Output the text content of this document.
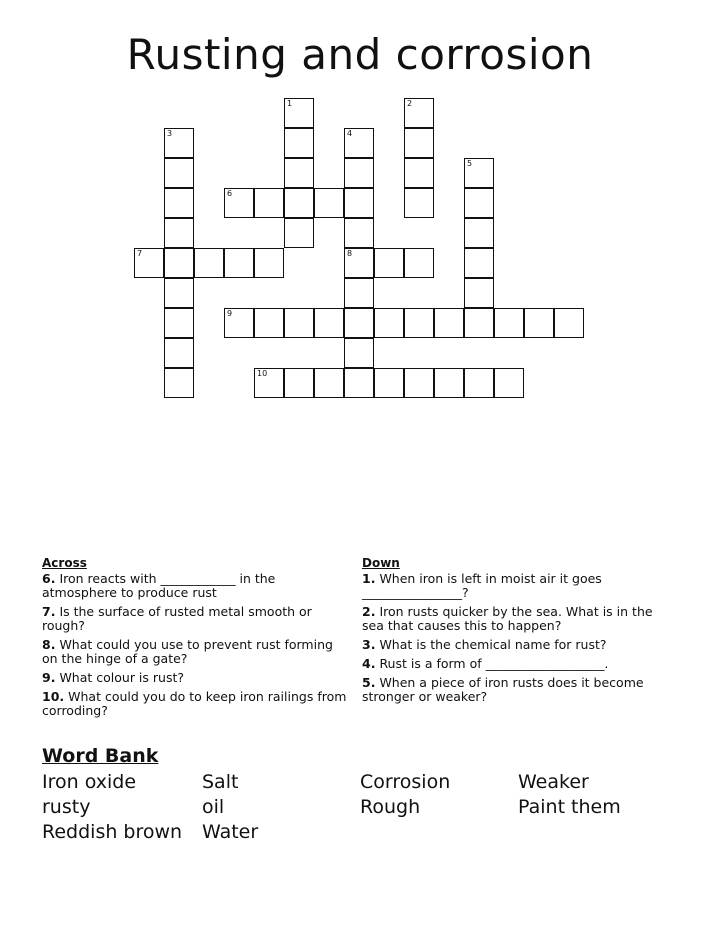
Rusting and corrosion
1	2
3	4
8
5
6
7
9
10
Across
6. Iron reacts with ____________ in the atmosphere to produce rust
7. Is the surface of rusted metal smooth or rough?
8. What could you use to prevent rust forming on the hinge of a gate?
9. What colour is rust?
10. What could you do to keep iron railings from corroding?
Down
1. When iron is left in moist air it goes ________________?
2. Iron rusts quicker by the sea. What is in the sea that causes this to happen?
3. What is the chemical name for rust?
4. Rust is a form of ___________________.
5. When a piece of iron rusts does it become stronger or weaker?
Word Bank
Iron oxide	Salt	Corrosion	Weaker
rusty	oil	Rough	Paint them
Reddish brown Water
